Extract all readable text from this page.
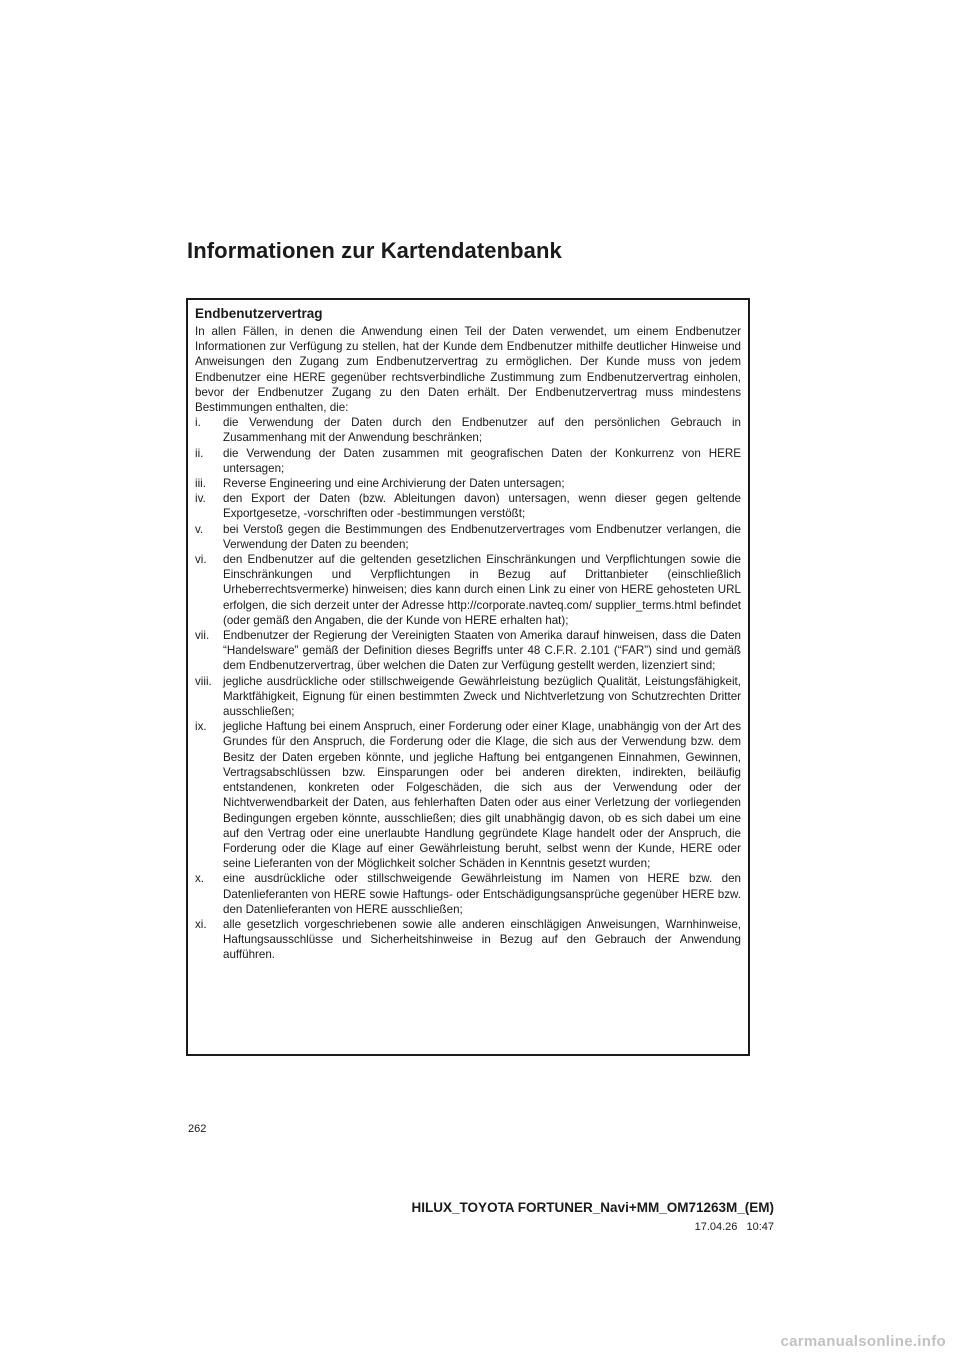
Informationen zur Kartendatenbank
Endbenutzervertrag

In allen Fällen, in denen die Anwendung einen Teil der Daten verwendet, um einem Endbenutzer Informationen zur Verfügung zu stellen, hat der Kunde dem Endbenutzer mithilfe deutlicher Hinweise und Anweisungen den Zugang zum Endbenutzervertrag zu ermöglichen. Der Kunde muss von jedem Endbenutzer eine HERE gegenüber rechtsverbindliche Zustimmung zum Endbenutzervertrag einholen, bevor der Endbenutzer Zugang zu den Daten erhält. Der Endbenutzervertrag muss mindestens Bestimmungen enthalten, die:

i. die Verwendung der Daten durch den Endbenutzer auf den persönlichen Gebrauch in Zusammenhang mit der Anwendung beschränken;
ii. die Verwendung der Daten zusammen mit geografischen Daten der Konkurrenz von HERE untersagen;
iii. Reverse Engineering und eine Archivierung der Daten untersagen;
iv. den Export der Daten (bzw. Ableitungen davon) untersagen, wenn dieser gegen geltende Exportgesetze, -vorschriften oder -bestimmungen verstößt;
v. bei Verstoß gegen die Bestimmungen des Endbenutzervertrages vom Endbenutzer verlangen, die Verwendung der Daten zu beenden;
vi. den Endbenutzer auf die geltenden gesetzlichen Einschränkungen und Verpflichtungen sowie die Einschränkungen und Verpflichtungen in Bezug auf Drittanbieter (einschließlich Urheberrechtsvermerke) hinweisen; dies kann durch einen Link zu einer von HERE gehosteten URL erfolgen, die sich derzeit unter der Adresse http://corporate.navteq.com/ supplier_terms.html befindet (oder gemäß den Angaben, die der Kunde von HERE erhalten hat);
vii. Endbenutzer der Regierung der Vereinigten Staaten von Amerika darauf hinweisen, dass die Daten “Handelsware” gemäß der Definition dieses Begriffs unter 48 C.F.R. 2.101 (“FAR”) sind und gemäß dem Endbenutzervertrag, über welchen die Daten zur Verfügung gestellt werden, lizenziert sind;
viii. jegliche ausdrückliche oder stillschweigende Gewährleistung bezüglich Qualität, Leistungsfähigkeit, Marktfähigkeit, Eignung für einen bestimmten Zweck und Nichtverletzung von Schutzrechten Dritter ausschließen;
ix. jegliche Haftung bei einem Anspruch, einer Forderung oder einer Klage, unabhängig von der Art des Grundes für den Anspruch, die Forderung oder die Klage, die sich aus der Verwendung bzw. dem Besitz der Daten ergeben könnte, und jegliche Haftung bei entgangenen Einnahmen, Gewinnen, Vertragsabschlüssen bzw. Einsparungen oder bei anderen direkten, indirekten, beiläufig entstandenen, konkreten oder Folgeschäden, die sich aus der Verwendung oder der Nichtverwendbarkeit der Daten, aus fehlerhaften Daten oder aus einer Verletzung der vorliegenden Bedingungen ergeben könnte, ausschließen; dies gilt unabhängig davon, ob es sich dabei um eine auf den Vertrag oder eine unerlaubte Handlung gegründete Klage handelt oder der Anspruch, die Forderung oder die Klage auf einer Gewährleistung beruht, selbst wenn der Kunde, HERE oder seine Lieferanten von der Möglichkeit solcher Schäden in Kenntnis gesetzt wurden;
x. eine ausdrückliche oder stillschweigende Gewährleistung im Namen von HERE bzw. den Datenlieferanten von HERE sowie Haftungs- oder Entschädigungsansprüche gegenüber HERE bzw. den Datenlieferanten von HERE ausschließen;
xi. alle gesetzlich vorgeschriebenen sowie alle anderen einschlägigen Anweisungen, Warnhinweise, Haftungsausschlüsse und Sicherheitshinweise in Bezug auf den Gebrauch der Anwendung aufführen.

262

HILUX_TOYOTA FORTUNER_Navi+MM_OM71263M_(EM)

17.04.26 10:47

carmanualsonline.info
